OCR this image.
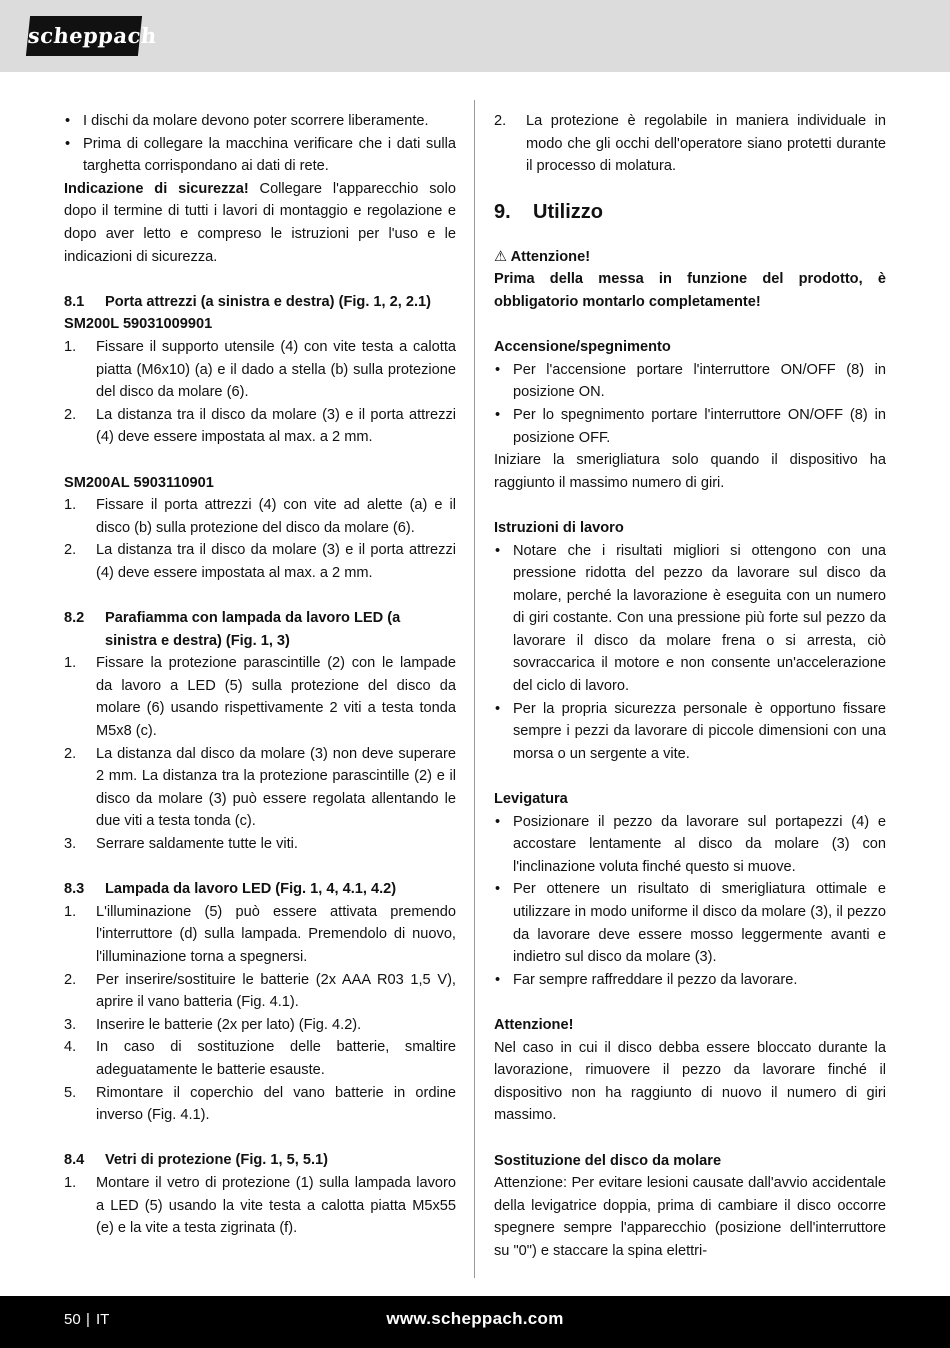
scheppach
• I dischi da molare devono poter scorrere liberamente.
• Prima di collegare la macchina verificare che i dati sulla targhetta corrispondano ai dati di rete.

Indicazione di sicurezza! Collegare l'apparecchio solo dopo il termine di tutti i lavori di montaggio e regolazione e dopo aver letto e compreso le istruzioni per l'uso e le indicazioni di sicurezza.

8.1 Porta attrezzi (a sinistra e destra) (Fig. 1, 2, 2.1)
SM200L 59031009901
1. Fissare il supporto utensile (4) con vite testa a calotta piatta (M6x10) (a) e il dado a stella (b) sulla protezione del disco da molare (6).
2. La distanza tra il disco da molare (3) e il porta attrezzi (4) deve essere impostata al max. a 2 mm.
SM200AL 5903110901
1. Fissare il porta attrezzi (4) con vite ad alette (a) e il disco (b) sulla protezione del disco da molare (6).
2. La distanza tra il disco da molare (3) e il porta attrezzi (4) deve essere impostata al max. a 2 mm.
8.2 Parafiamma con lampada da lavoro LED (a sinistra e destra) (Fig. 1, 3)
1. Fissare la protezione parascintille (2) con le lampade da lavoro a LED (5) sulla protezione del disco da molare (6) usando rispettivamente 2 viti a testa tonda M5x8 (c).
2. La distanza dal disco da molare (3) non deve superare 2 mm. La distanza tra la protezione parascintille (2) e il disco da molare (3) può essere regolata allentando le due viti a testa tonda (c).
3. Serrare saldamente tutte le viti.
8.3 Lampada da lavoro LED (Fig. 1, 4, 4.1, 4.2)
1. L'illuminazione (5) può essere attivata premendo l'interruttore (d) sulla lampada. Premendolo di nuovo, l'illuminazione torna a spegnersi.
2. Per inserire/sostituire le batterie (2x AAA R03 1,5 V), aprire il vano batteria (Fig. 4.1).
3. Inserire le batterie (2x per lato) (Fig. 4.2).
4. In caso di sostituzione delle batterie, smaltire adeguatamente le batterie esauste.
5. Rimontare il coperchio del vano batterie in ordine inverso (Fig. 4.1).
8.4 Vetri di protezione (Fig. 1, 5, 5.1)
1. Montare il vetro di protezione (1) sulla lampada lavoro a LED (5) usando la vite testa a calotta piatta M5x55 (e) e la vite a testa zigrinata (f).
2. La protezione è regolabile in maniera individuale in modo che gli occhi dell'operatore siano protetti durante il processo di molatura.
9. Utilizzo
⚠ Attenzione!

Prima della messa in funzione del prodotto, è obbligatorio montarlo completamente!

Accensione/spegnimento
• Per l'accensione portare l'interruttore ON/OFF (8) in posizione ON.
• Per lo spegnimento portare l'interruttore ON/OFF (8) in posizione OFF.

Iniziare la smerigliatura solo quando il dispositivo ha raggiunto il massimo numero di giri.

Istruzioni di lavoro
• Notare che i risultati migliori si ottengono con una pressione ridotta del pezzo da lavorare sul disco da molare, perché la lavorazione è eseguita con un numero di giri costante. Con una pressione più forte sul pezzo da lavorare il disco da molare frena o si arresta, ciò sovraccarica il motore e non consente un'accelerazione del ciclo di lavoro.
• Per la propria sicurezza personale è opportuno fissare sempre i pezzi da lavorare di piccole dimensioni con una morsa o un sergente a vite.
Levigatura
• Posizionare il pezzo da lavorare sul portapezzi (4) e accostare lentamente al disco da molare (3) con l'inclinazione voluta finché questo si muove.
• Per ottenere un risultato di smerigliatura ottimale e utilizzare in modo uniforme il disco da molare (3), il pezzo da lavorare deve essere mosso leggermente avanti e indietro sul disco da molare (3).
• Far sempre raffreddare il pezzo da lavorare.
Attenzione!

Nel caso in cui il disco debba essere bloccato durante la lavorazione, rimuovere il pezzo da lavorare finché il dispositivo non ha raggiunto di nuovo il numero di giri massimo.

Sostituzione del disco da molare

Attenzione: Per evitare lesioni causate dall'avvio accidentale della levigatrice doppia, prima di cambiare il disco occorre spegnere sempre l'apparecchio (posizione dell'interruttore su "0") e staccare la spina elettri-

50 | IT	www.scheppach.com
